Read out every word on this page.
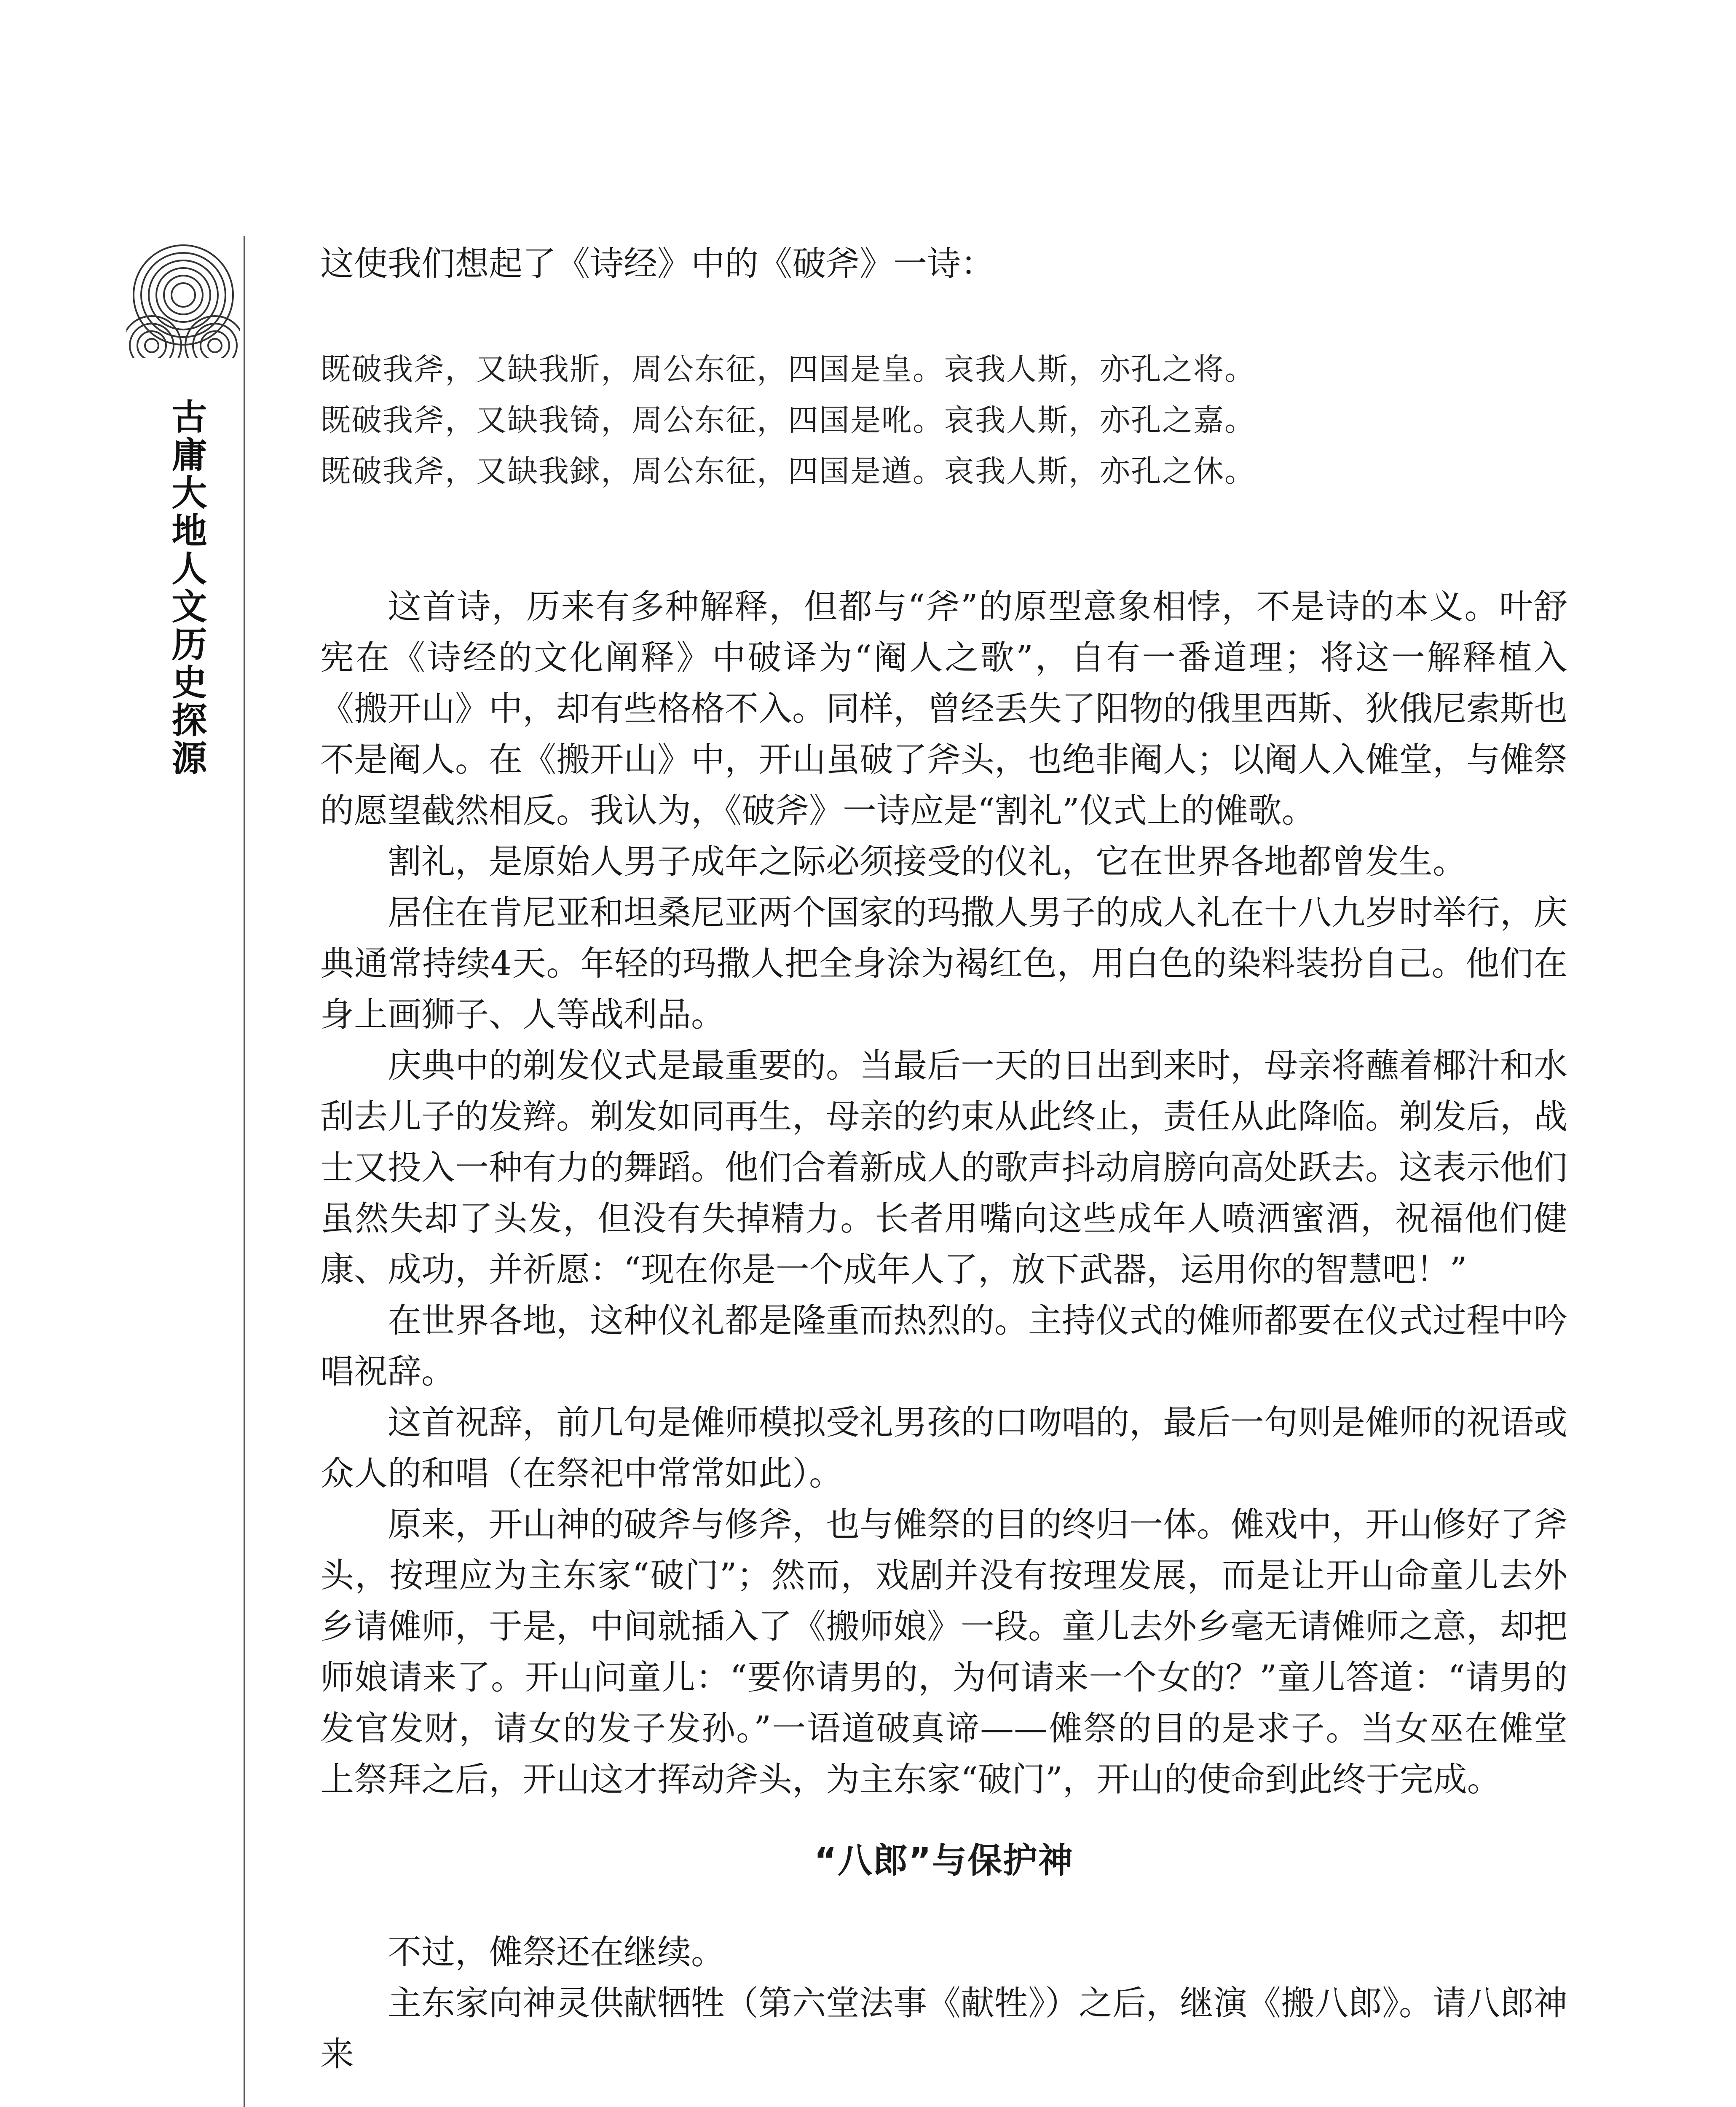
古庸大地人文历史探源

这使我们想起了《诗经》中的《破斧》一诗：

既破我斧，又缺我斨，周公东征，四国是皇。哀我人斯，亦孔之将。
既破我斧，又缺我锜，周公东征，四国是吪。哀我人斯，亦孔之嘉。
既破我斧，又缺我銶，周公东征，四国是遒。哀我人斯，亦孔之休。

这首诗，历来有多种解释，但都与“斧”的原型意象相悖，不是诗的本义。叶舒宪在《诗经的文化阐释》中破译为“阉人之歌”，自有一番道理；将这一解释植入《搬开山》中，却有些格格不入。同样，曾经丢失了阳物的俄里西斯、狄俄尼索斯也不是阉人。在《搬开山》中，开山虽破了斧头，也绝非阉人；以阉人入傩堂，与傩祭的愿望截然相反。我认为，《破斧》一诗应是“割礼”仪式上的傩歌。

割礼，是原始人男子成年之际必须接受的仪礼，它在世界各地都曾发生。

居住在肯尼亚和坦桑尼亚两个国家的玛撒人男子的成人礼在十八九岁时举行，庆典通常持续4天。年轻的玛撒人把全身涂为褐红色，用白色的染料装扮自己。他们在身上画狮子、人等战利品。

庆典中的剃发仪式是最重要的。当最后一天的日出到来时，母亲将蘸着椰汁和水刮去儿子的发辫。剃发如同再生，母亲的约束从此终止，责任从此降临。剃发后，战士又投入一种有力的舞蹈。他们合着新成人的歌声抖动肩膀向高处跃去。这表示他们虽然失却了头发，但没有失掉精力。长者用嘴向这些成年人喷洒蜜酒，祝福他们健康、成功，并祈愿：“现在你是一个成年人了，放下武器，运用你的智慧吧！”

在世界各地，这种仪礼都是隆重而热烈的。主持仪式的傩师都要在仪式过程中吟唱祝辞。

这首祝辞，前几句是傩师模拟受礼男孩的口吻唱的，最后一句则是傩师的祝语或众人的和唱（在祭祀中常常如此）。

原来，开山神的破斧与修斧，也与傩祭的目的终归一体。傩戏中，开山修好了斧头，按理应为主东家“破门”；然而，戏剧并没有按理发展，而是让开山命童儿去外乡请傩师，于是，中间就插入了《搬师娘》一段。童儿去外乡毫无请傩师之意，却把师娘请来了。开山问童儿：“要你请男的，为何请来一个女的？”童儿答道：“请男的发官发财，请女的发子发孙。”一语道破真谛——傩祭的目的是求子。当女巫在傩堂上祭拜之后，开山这才挥动斧头，为主东家“破门”，开山的使命到此终于完成。

“八郎”与保护神

不过，傩祭还在继续。

主东家向神灵供献牺牲（第六堂法事《献牲》）之后，继演《搬八郎》。请八郎神来
